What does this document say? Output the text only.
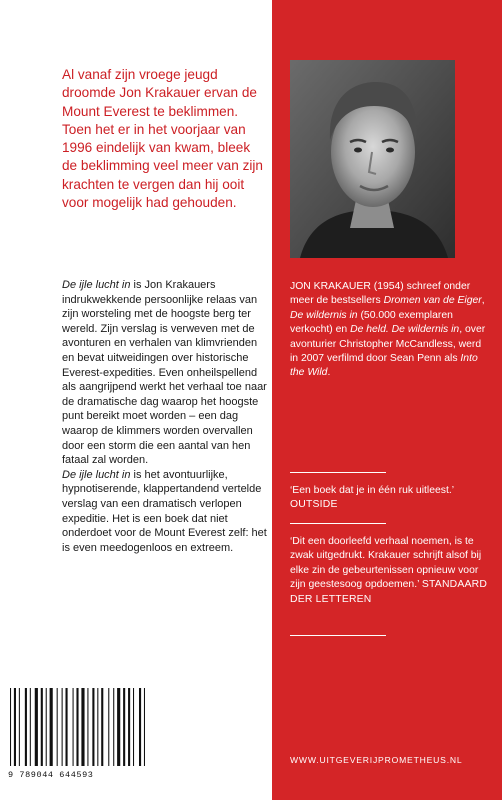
Al vanaf zijn vroege jeugd droomde Jon Krakauer ervan de Mount Everest te beklimmen. Toen het er in het voorjaar van 1996 eindelijk van kwam, bleek de beklimming veel meer van zijn krachten te vergen dan hij ooit voor mogelijk had gehouden.

De ijle lucht in is Jon Krakauers indrukwekkende persoonlijke relaas van zijn worsteling met de hoogste berg ter wereld. Zijn verslag is verweven met de avonturen en verhalen van klimvrienden en bevat uitweidingen over historische Everest-expedities. Even onheilspellend als aangrijpend werkt het verhaal toe naar de dramatische dag waarop het hoogste punt bereikt moet worden – een dag waarop de klimmers worden overvallen door een storm die een aantal van hen fataal zal worden.
De ijle lucht in is het avontuurlijke, hypnotiserende, klappertandend vertelde verslag van een dramatisch verlopen expeditie. Het is een boek dat niet onderdoet voor de Mount Everest zelf: het is even meedogenloos en extreem.

9 789044 644593

JON KRAKAUER (1954) schreef onder meer de bestsellers Dromen van de Eiger, De wildernis in (50.000 exemplaren verkocht) en De held. De wildernis in, over avonturier Christopher McCandless, werd in 2007 verfilmd door Sean Penn als Into the Wild.

‘Een boek dat je in één ruk uitleest.’ OUTSIDE

‘Dit een doorleefd verhaal noemen, is te zwak uitgedrukt. Krakauer schrijft alsof bij elke zin de gebeurtenissen opnieuw voor zijn geestesoog opdoemen.’ STANDAARD DER LETTEREN

WWW.UITGEVERIJPROMETHEUS.NL
